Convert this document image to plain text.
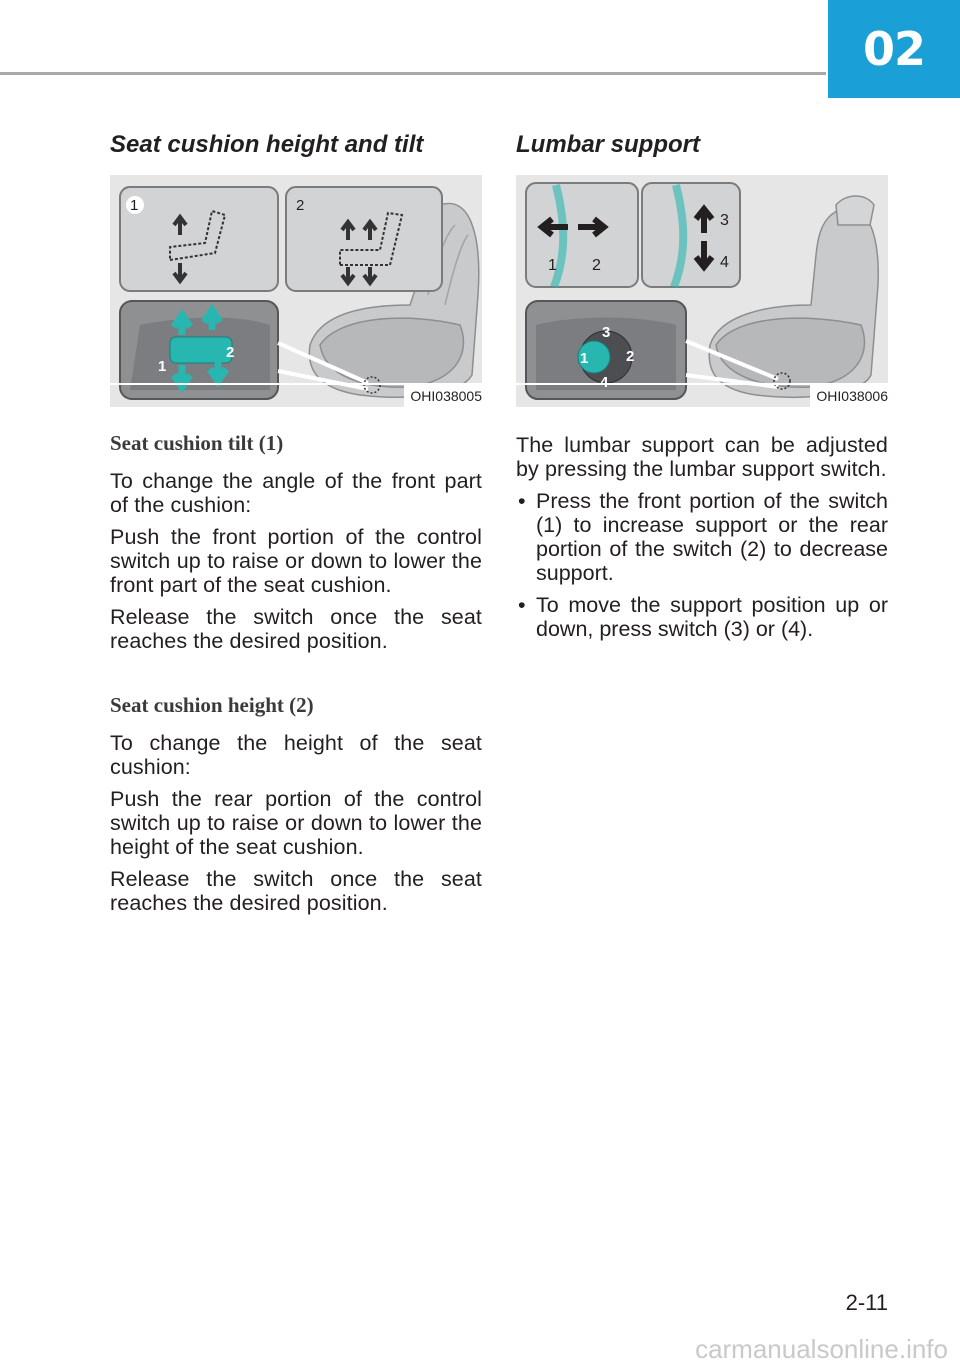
02
Seat cushion height and tilt
1	2
1
2
OHI038005
Seat cushion tilt (1)

To change the angle of the front part of the cushion:

Push the front portion of the control switch up to raise or down to lower the front part of the seat cushion.

Release the switch once the seat reaches the desired position.

Seat cushion height (2)

To change the height of the seat cushion:

Push the rear portion of the control switch up to raise or down to lower the height of the seat cushion.

Release the switch once the seat reaches the desired position.

Lumbar support
1 2
3
4
3
1	2
OHI038006

The lumbar support can be adjusted by pressing the lumbar support switch.

• Press the front portion of the switch (1) to increase support or the rear portion of the switch (2) to decrease support.
• To move the support position up or down, press switch (3) or (4).
2-11
carmanualsonline.info
